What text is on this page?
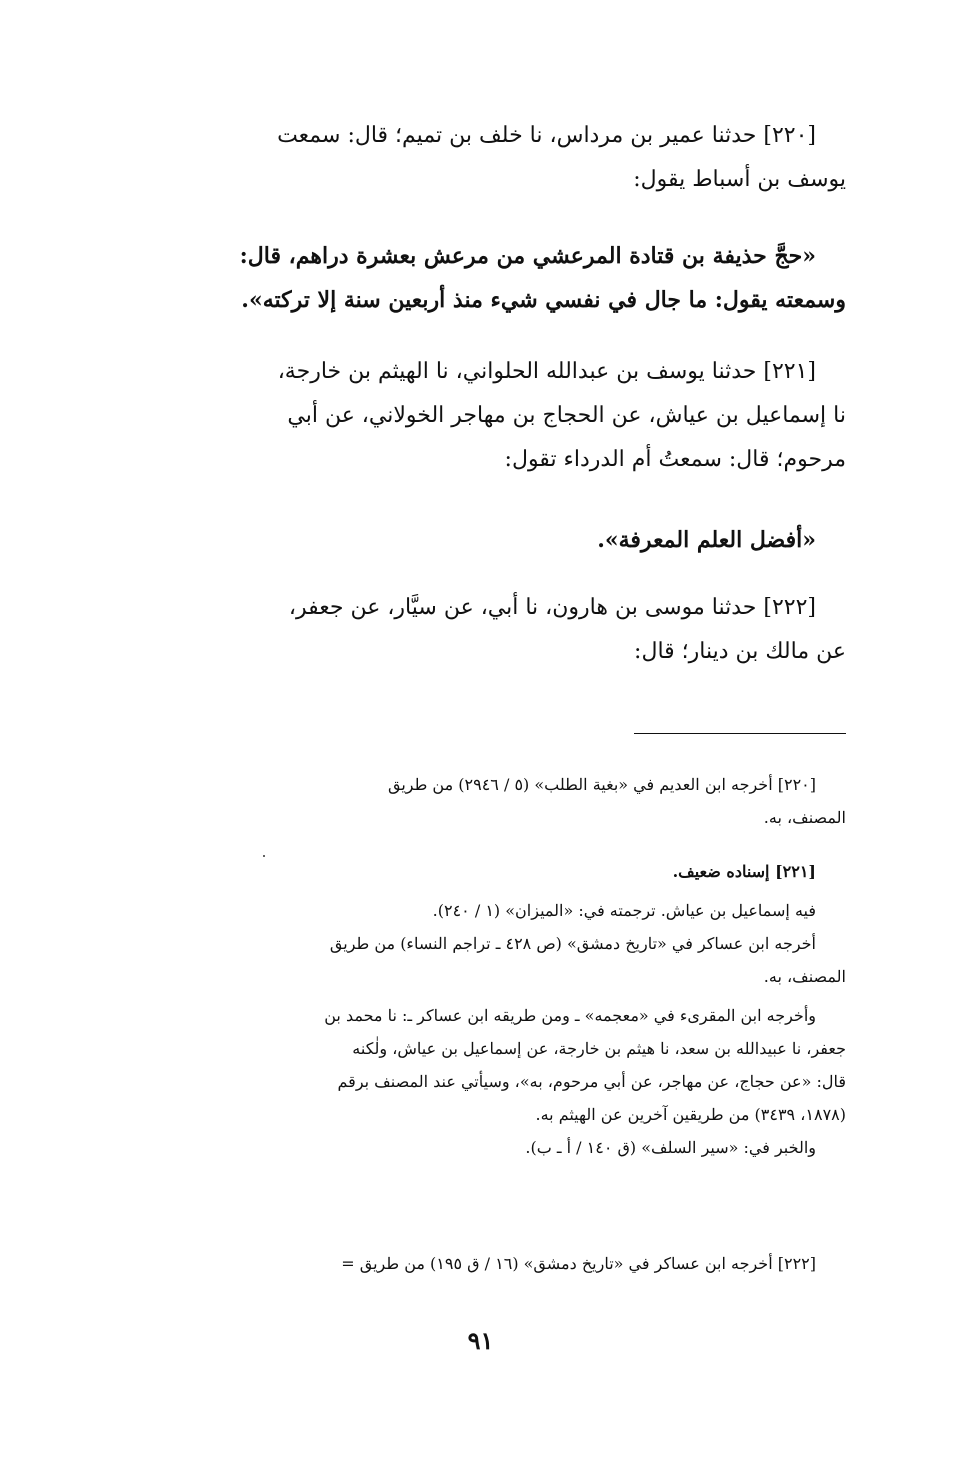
[٢٢٠] حدثنا عمير بن مرداس، نا خلف بن تميم؛ قال: سمعت

يوسف بن أسباط يقول:

«حجَّ حذيفة بن قتادة المرعشي من مرعش بعشرة دراهم، قال:

وسمعته يقول: ما جال في نفسي شيء منذ أربعين سنة إلا تركته».

[٢٢١] حدثنا يوسف بن عبدالله الحلواني، نا الهيثم بن خارجة،

نا إسماعيل بن عياش، عن الحجاج بن مهاجر الخولاني، عن أبي

مرحوم؛ قال: سمعتُ أم الدرداء تقول:

«أفضل العلم المعرفة».

[٢٢٢] حدثنا موسى بن هارون، نا أبي، عن سيَّار، عن جعفر،

عن مالك بن دينار؛ قال:

[٢٢٠] أخرجه ابن العديم في «بغية الطلب» (٥ / ٢٩٤٦) من طريق

المصنف، به.

[٢٢١] إسناده ضعيف.

فيه إسماعيل بن عياش. ترجمته في: «الميزان» (١ / ٢٤٠).

أخرجه ابن عساكر في «تاريخ دمشق» (ص ٤٢٨ ـ تراجم النساء) من طريق

المصنف، به.

وأخرجه ابن المقرىء في «معجمه» ـ ومن طريقه ابن عساكر ـ: نا محمد بن

جعفر، نا عبيدالله بن سعد، نا هيثم بن خارجة، عن إسماعيل بن عياش، ولٰكنه

قال: «عن حجاج، عن مهاجر، عن أبي مرحوم، به»، وسيأتي عند المصنف برقم

(١٨٧٨، ٣٤٣٩) من طريقين آخرين عن الهيثم به.

والخبر في: «سير السلف» (ق ١٤٠ / أ ـ ب).

[٢٢٢] أخرجه ابن عساكر في «تاريخ دمشق» (١٦ / ق ١٩٥) من طريق =

٩١
